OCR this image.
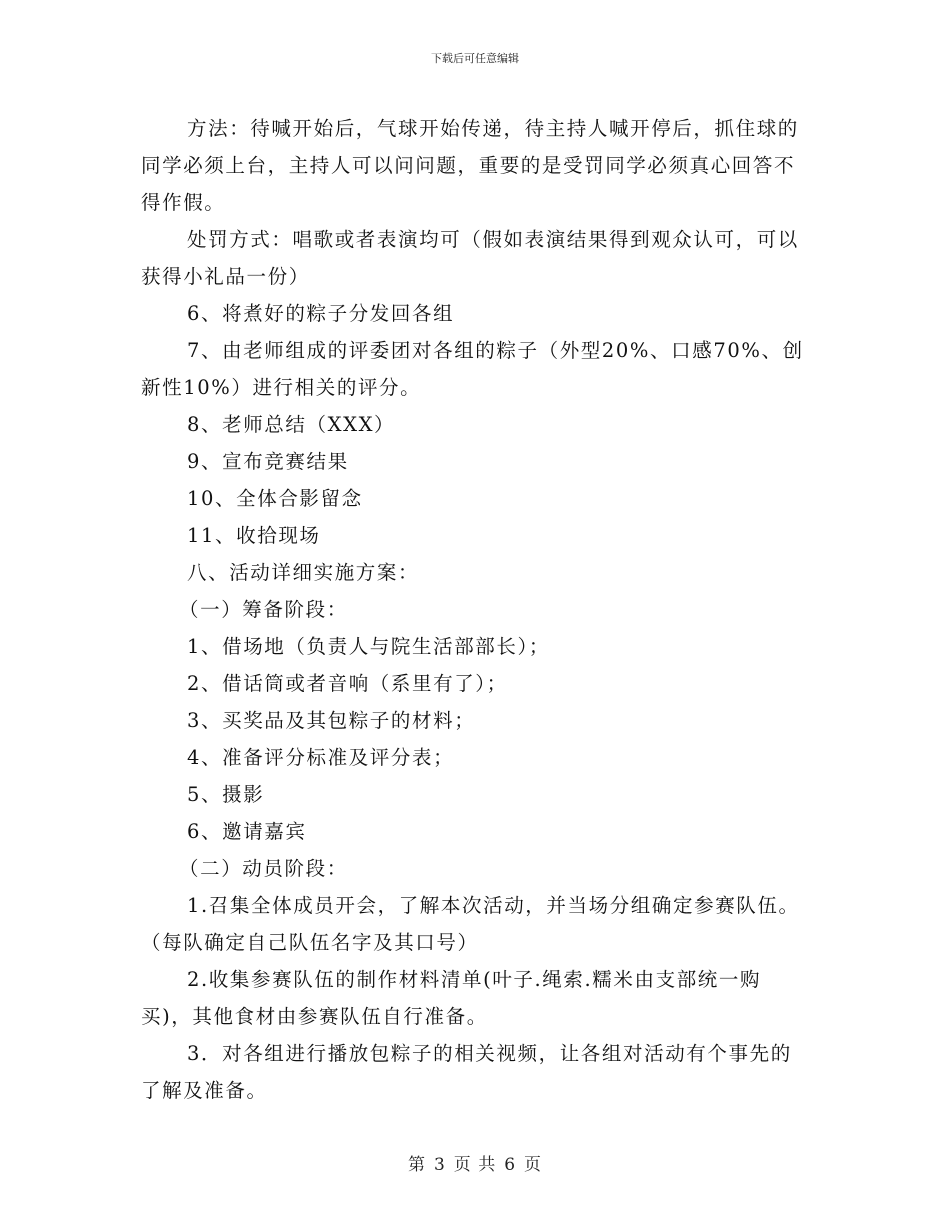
下载后可任意编辑

方法：待喊开始后，气球开始传递，待主持人喊开停后，抓住球的同学必须上台，主持人可以问问题，重要的是受罚同学必须真心回答不得作假。

处罚方式：唱歌或者表演均可（假如表演结果得到观众认可，可以获得小礼品一份）

6、将煮好的粽子分发回各组

7、由老师组成的评委团对各组的粽子（外型20%、口感70%、创新性10%）进行相关的评分。

8、老师总结（XXX）

9、宣布竞赛结果

10、全体合影留念

11、收拾现场

八、活动详细实施方案：

（一）筹备阶段：

1、借场地（负责人与院生活部部长）；

2、借话筒或者音响（系里有了）；

3、买奖品及其包粽子的材料；

4、准备评分标准及评分表；

5、摄影

6、邀请嘉宾

（二）动员阶段：

1.召集全体成员开会，了解本次活动，并当场分组确定参赛队伍。

（每队确定自己队伍名字及其口号）

2.收集参赛队伍的制作材料清单(叶子.绳索.糯米由支部统一购买)，其他食材由参赛队伍自行准备。

3．对各组进行播放包粽子的相关视频，让各组对活动有个事先的了解及准备。

第 3 页 共 6 页
